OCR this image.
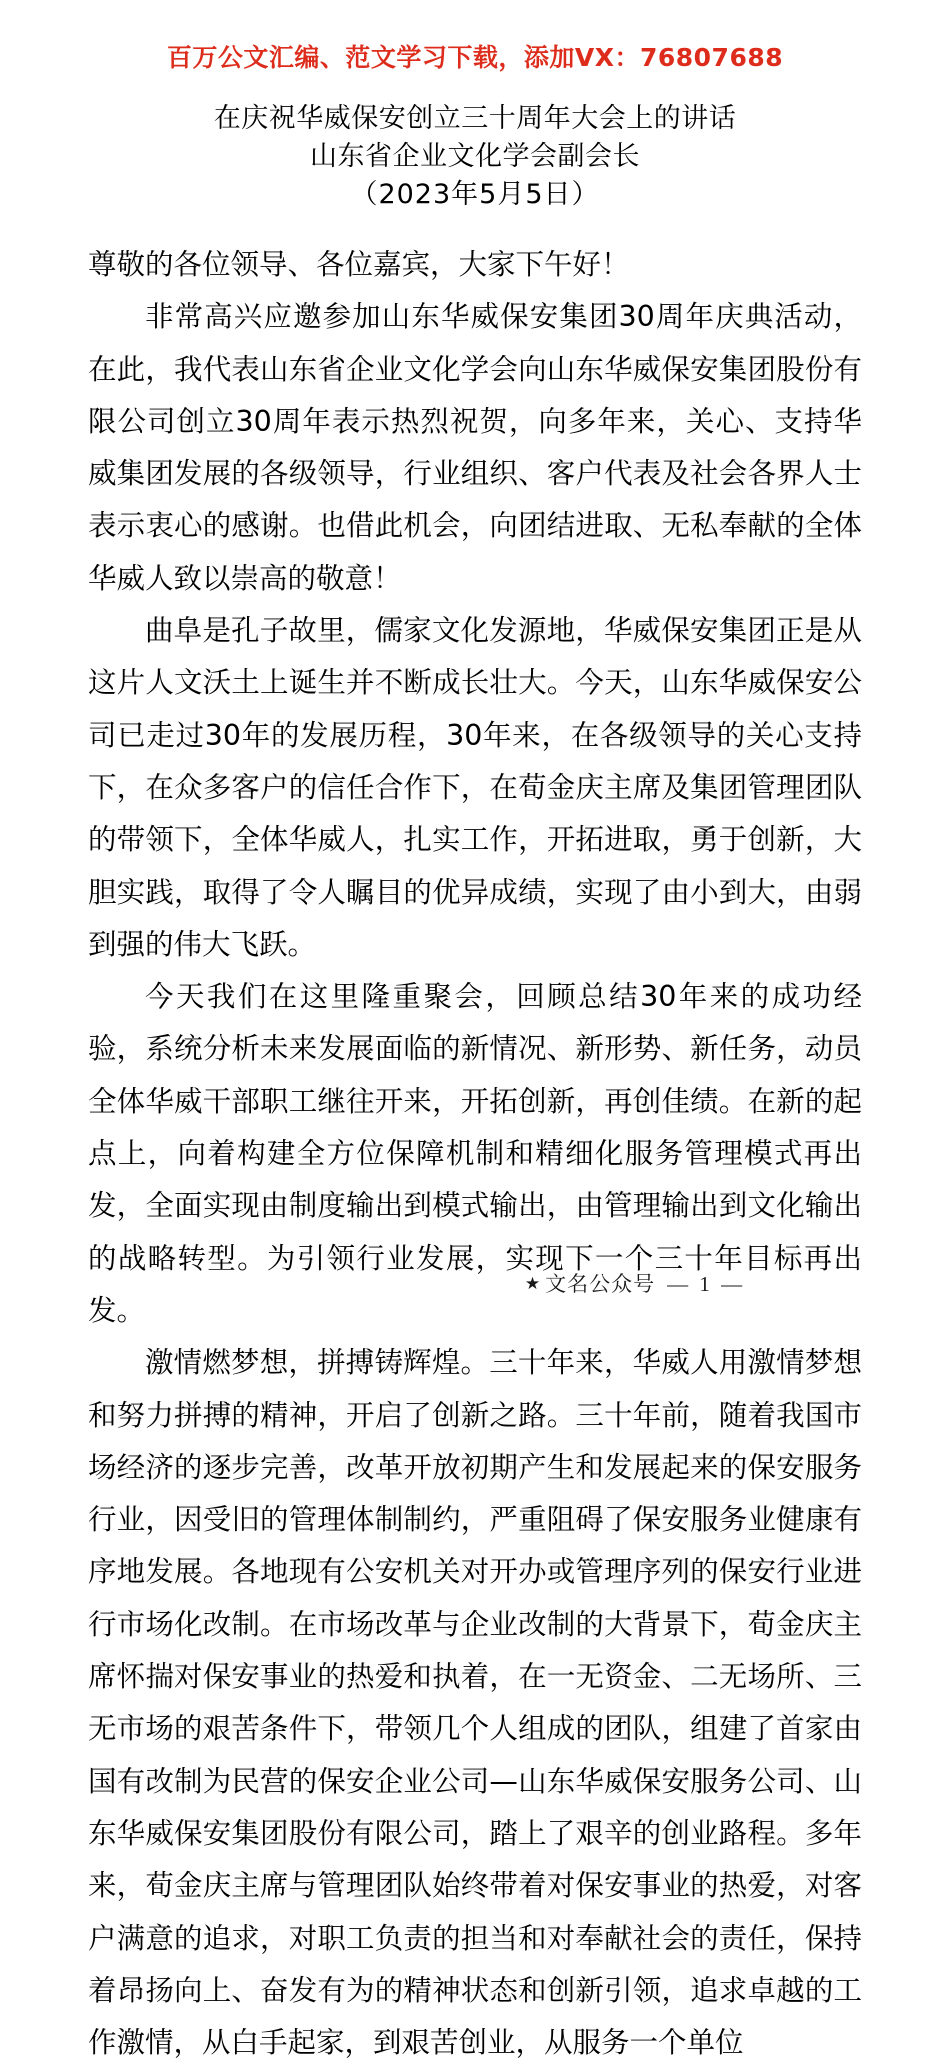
百万公文汇编、范文学习下载，添加VX：76807688
在庆祝华威保安创立三十周年大会上的讲话
山东省企业文化学会副会长
（2023年5月5日）

尊敬的各位领导、各位嘉宾，大家下午好！

非常高兴应邀参加山东华威保安集团30周年庆典活动，在此，我代表山东省企业文化学会向山东华威保安集团股份有限公司创立30周年表示热烈祝贺，向多年来，关心、支持华威集团发展的各级领导，行业组织、客户代表及社会各界人士表示衷心的感谢。也借此机会，向团结进取、无私奉献的全体华威人致以崇高的敬意！

曲阜是孔子故里，儒家文化发源地，华威保安集团正是从这片人文沃土上诞生并不断成长壮大。今天，山东华威保安公司已走过30年的发展历程，30年来，在各级领导的关心支持下，在众多客户的信任合作下，在荀金庆主席及集团管理团队的带领下，全体华威人，扎实工作，开拓进取，勇于创新，大胆实践，取得了令人瞩目的优异成绩，实现了由小到大，由弱到强的伟大飞跃。

今天我们在这里隆重聚会，回顾总结30年来的成功经验，系统分析未来发展面临的新情况、新形势、新任务，动员全体华威干部职工继往开来，开拓创新，再创佳绩。在新的起点上，向着构建全方位保障机制和精细化服务管理模式再出发，全面实现由制度输出到模式输出，由管理输出到文化输出的战略转型。为引领行业发展，实现下一个三十年目标再出发。

激情燃梦想，拼搏铸辉煌。三十年来，华威人用激情梦想和努力拼搏的精神，开启了创新之路。三十年前，随着我国市场经济的逐步完善，改革开放初期产生和发展起来的保安服务行业，因受旧的管理体制制约，严重阻碍了保安服务业健康有序地发展。各地现有公安机关对开办或管理序列的保安行业进行市场化改制。在市场改革与企业改制的大背景下，荀金庆主席怀揣对保安事业的热爱和执着，在一无资金、二无场所、三无市场的艰苦条件下，带领几个人组成的团队，组建了首家由国有改制为民营的保安企业公司—山东华威保安服务公司、山东华威保安集团股份有限公司，踏上了艰辛的创业路程。多年来，荀金庆主席与管理团队始终带着对保安事业的热爱，对客户满意的追求，对职工负责的担当和对奉献社会的责任，保持着昂扬向上、奋发有为的精神状态和创新引领，追求卓越的工作激情，从白手起家，到艰苦创业，从服务一个单位

★ 文名公众号 — 1 —
